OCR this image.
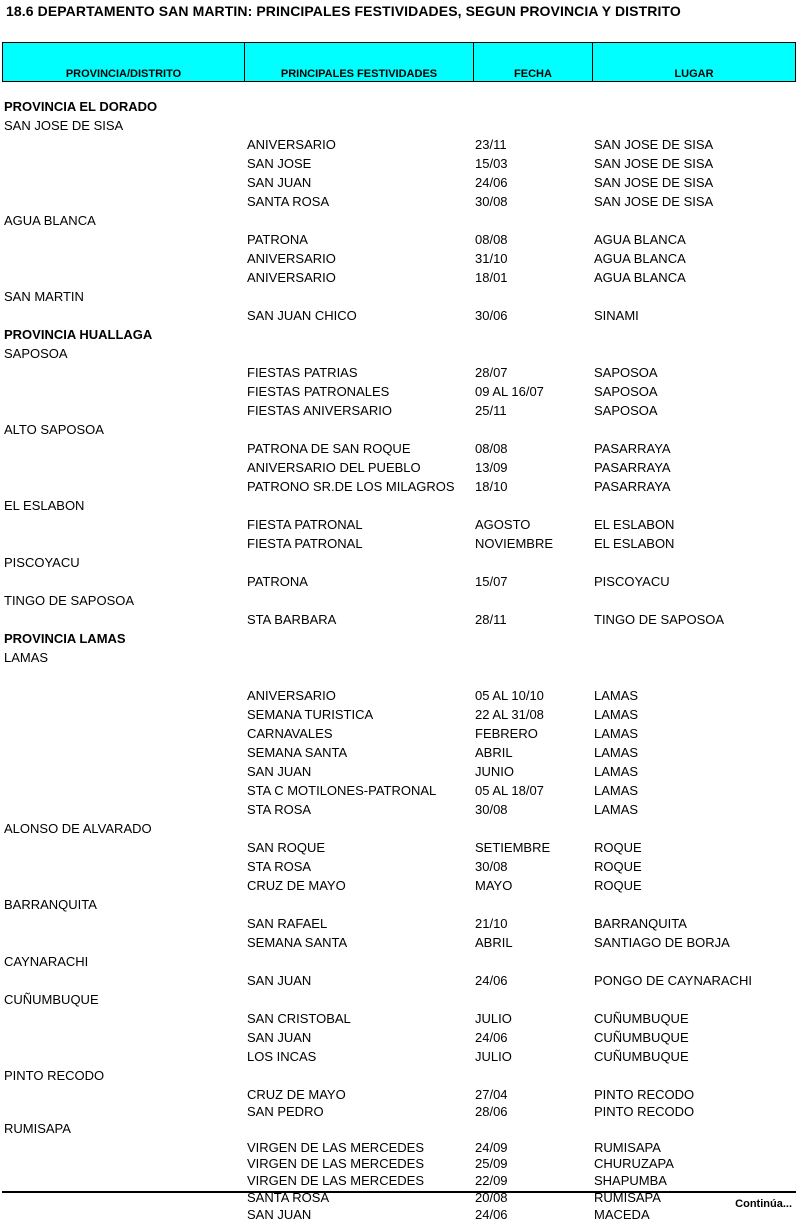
18.6 DEPARTAMENTO SAN MARTIN: PRINCIPALES FESTIVIDADES, SEGUN PROVINCIA Y DISTRITO
PROVINCIA/DISTRITO	PRINCIPALES FESTIVIDADES	FECHA	LUGAR
PROVINCIA EL DORADO
SAN JOSE DE SISA
ANIVERSARIO	23/11	SAN JOSE DE SISA
SAN JOSE	15/03	SAN JOSE DE SISA
SAN JUAN	24/06	SAN JOSE DE SISA
SANTA ROSA	30/08	SAN JOSE DE SISA
AGUA BLANCA
PATRONA	08/08	AGUA BLANCA
ANIVERSARIO	31/10	AGUA BLANCA
ANIVERSARIO	18/01	AGUA BLANCA
SAN MARTIN
SAN JUAN CHICO	30/06	SINAMI
PROVINCIA HUALLAGA
SAPOSOA
FIESTAS PATRIAS	28/07	SAPOSOA
FIESTAS PATRONALES	09 AL 16/07	SAPOSOA
FIESTAS ANIVERSARIO	25/11	SAPOSOA
ALTO SAPOSOA
PATRONA DE SAN ROQUE	08/08	PASARRAYA
ANIVERSARIO DEL PUEBLO	13/09	PASARRAYA
PATRONO SR.DE LOS MILAGROS 18/10	PASARRAYA
EL ESLABON
FIESTA PATRONAL	AGOSTO	EL ESLABON
FIESTA PATRONAL	NOVIEMBRE	EL ESLABON
PISCOYACU
PATRONA	15/07	PISCOYACU
TINGO DE SAPOSOA
STA BARBARA	28/11	TINGO DE SAPOSOA
PROVINCIA LAMAS
LAMAS
ANIVERSARIO	05 AL 10/10	LAMAS
SEMANA TURISTICA	22 AL 31/08	LAMAS
CARNAVALES	FEBRERO	LAMAS
SEMANA SANTA	ABRIL	LAMAS
SAN JUAN	JUNIO	LAMAS
STA C MOTILONES-PATRONAL	05 AL 18/07	LAMAS
STA ROSA	30/08	LAMAS
ALONSO DE ALVARADO
SAN ROQUE	SETIEMBRE	ROQUE
STA ROSA	30/08	ROQUE
CRUZ DE MAYO	MAYO	ROQUE
BARRANQUITA
SAN RAFAEL	21/10	BARRANQUITA
SEMANA SANTA	ABRIL	SANTIAGO DE BORJA
CAYNARACHI
SAN JUAN	24/06	PONGO DE CAYNARACHI
CUÑUMBUQUE
SAN CRISTOBAL	JULIO	CUÑUMBUQUE
SAN JUAN	24/06	CUÑUMBUQUE
LOS INCAS	JULIO	CUÑUMBUQUE
PINTO RECODO
CRUZ DE MAYO	27/04	PINTO RECODO
SAN PEDRO	28/06	PINTO RECODO
RUMISAPA
VIRGEN DE LAS MERCEDES	24/09	RUMISAPA
VIRGEN DE LAS MERCEDES	25/09	CHURUZAPA
VIRGEN DE LAS MERCEDES	22/09	SHAPUMBA
SANTA ROSA	20/08	RUMISAPA
SAN JUAN	24/06	MACEDA
Continúa...
